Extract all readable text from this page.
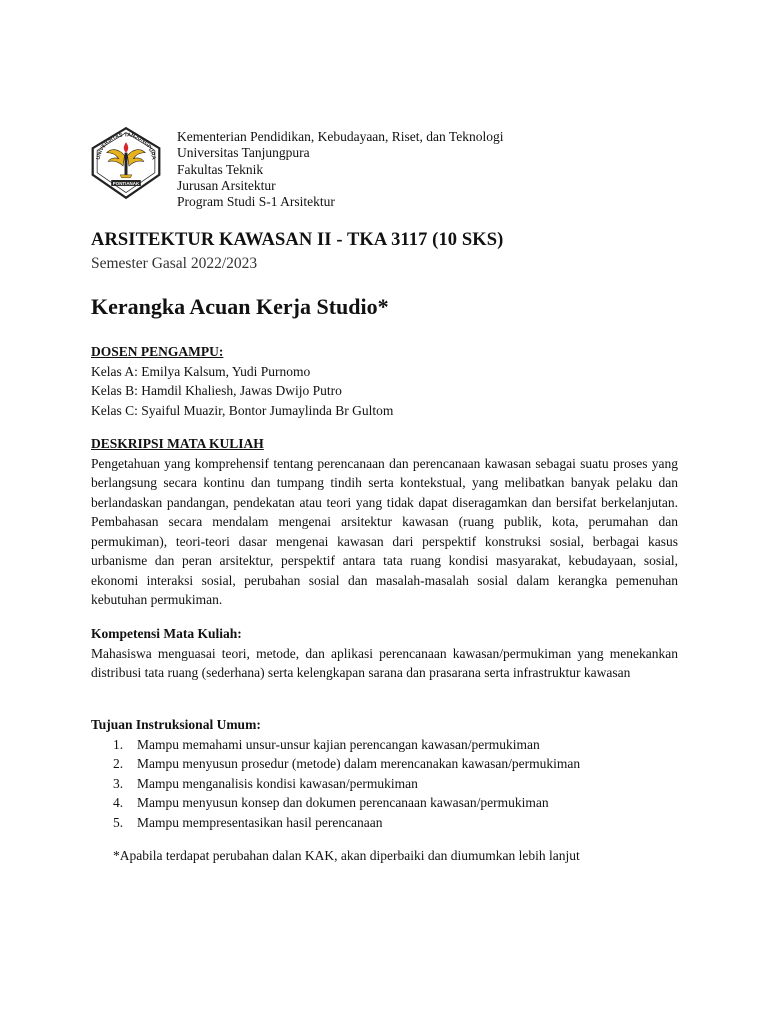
UNIVERSITAS TANJUNGPURA
PONTIANAK
Kementerian Pendidikan, Kebudayaan, Riset, dan Teknologi
Universitas Tanjungpura
Fakultas Teknik
Jurusan Arsitektur
Program Studi S-1 Arsitektur
ARSITEKTUR KAWASAN II - TKA 3117 (10 SKS)
Semester Gasal 2022/2023
Kerangka Acuan Kerja Studio*
DOSEN PENGAMPU:
Kelas A: Emilya Kalsum, Yudi Purnomo
Kelas B: Hamdil Khaliesh, Jawas Dwijo Putro
Kelas C: Syaiful Muazir, Bontor Jumaylinda Br Gultom
DESKRIPSI MATA KULIAH
Pengetahuan yang komprehensif tentang perencanaan dan perencanaan kawasan sebagai suatu proses yang berlangsung secara kontinu dan tumpang tindih serta kontekstual, yang melibatkan banyak pelaku dan berlandaskan pandangan, pendekatan atau teori yang tidak dapat diseragamkan dan bersifat berkelanjutan. Pembahasan secara mendalam mengenai arsitektur kawasan (ruang publik, kota, perumahan dan permukiman), teori-teori dasar mengenai kawasan dari perspektif konstruksi sosial, berbagai kasus urbanisme dan peran arsitektur, perspektif antara tata ruang kondisi masyarakat, kebudayaan, sosial, ekonomi interaksi sosial, perubahan sosial dan masalah-masalah sosial dalam kerangka pemenuhan kebutuhan permukiman.
Kompetensi Mata Kuliah:
Mahasiswa menguasai teori, metode, dan aplikasi perencanaan kawasan/permukiman yang menekankan distribusi tata ruang (sederhana) serta kelengkapan sarana dan prasarana serta infrastruktur kawasan
Tujuan Instruksional Umum:
1. Mampu memahami unsur-unsur kajian perencangan kawasan/permukiman
2. Mampu menyusun prosedur (metode) dalam merencanakan kawasan/permukiman
3. Mampu menganalisis kondisi kawasan/permukiman
4. Mampu menyusun konsep dan dokumen perencanaan kawasan/permukiman
5. Mampu mempresentasikan hasil perencanaan
*Apabila terdapat perubahan dalan KAK, akan diperbaiki dan diumumkan lebih lanjut
